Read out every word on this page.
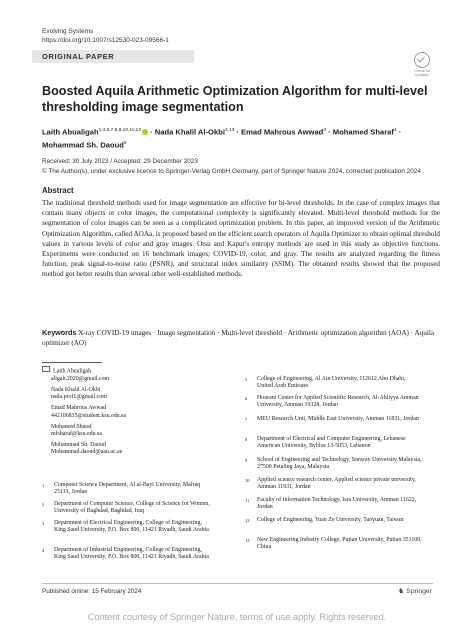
Evolving Systems
https://doi.org/10.1007/s12530-023-09566-1
ORIGINAL PAPER
Check for
updates
Boosted Aquila Arithmetic Optimization Algorithm for multi-level thresholding image segmentation
Laith Abualigah$^{1,4,6,7,8,9,10,11,12}$ · Nada Khalil Al-Okbi$^{2,13}$ · Emad Mahrous Awwad$^3$ · Mohamed Sharaf$^4$ ·
Mohammad Sh. Daoud$^5$
Received: 30 July 2023 / Accepted: 29 December 2023
© The Author(s), under exclusive licence to Springer-Verlag GmbH Germany, part of Springer Nature 2024, corrected publication 2024
Abstract
The traditional threshold methods used for image segmentation are effective for bi-level thresholds. In the case of complex images that contain many objects or color images, the computational complexity is significantly elevated. Multi-level threshold methods for the segmentation of color images can be seen as a complicated optimization problem. In this paper, an improved version of the Arithmetic Optimization Algorithm, called AOAa, is proposed based on the efficient search operators of Aquila Optimizer to obtain optimal threshold values in various levels of color and gray images. Otsu and Kapur's entropy methods are used in this study as objective functions. Experiments were conducted on 16 benchmark images; COVID-19, color, and gray. The results are analyzed regarding the fitness function, peak signal-to-noise ratio (PSNR), and structural index similarity (SSIM). The obtained results showed that the proposed method got better results than several other well-established methods.
Keywords X-ray COVID-19 images · Image segmentation · Multi-level threshold · Arithmetic optimization algorithm (AOA) · Aquila optimizer (AO)
Laith Abualigah
aligah.2020@gmail.com
Nada Khalil Al-Okbi
nada.prof1@gmail.com
Emad Mahrous Awwad
442106835@student.ksu.edu.sa
Mohamed Sharaf
mfsharaf@ksu.edu.sa
Mohammad Sh. Daoud
Mohammad.daoud@aau.ac.ae
1 Computer Science Department, Al al-Bayt University, Mafraq 25113, Jordan
2 Department of Computer Science, College of Science for Women, University of Baghdad, Baghdad, Iraq
3 Department of Electrical Engineering, College of Engineering, King Saud University, P.O. Box 800, 11421 Riyadh, Saudi Arabia
4 Department of Industrial Engineering, College of Engineering, King Saud University, P.O. Box 800, 11421 Riyadh, Saudi Arabia
5 College of Engineering, Al Ain University, 112612 Abu Dhabi, United Arab Emirates
6 Hourani Center for Applied Scientific Research, Al-Ahliyya Amman University, Amman 19328, Jordan
7 MEU Research Unit, Middle East University, Amman 11831, Jordan
8 Department of Electrical and Computer Engineering, Lebanese American University, Byblos 13-5053, Lebanon
9 School of Engineering and Technology, Sunway University Malaysia, 27500 Petaling Jaya, Malaysia
10 Applied science research center, Applied science private university, Amman 11931, Jordan
11 Faculty of Information Technology, Isra University, Amman 11622, Jordan
12 College of Engineering, Yuan Ze University, Taoyuan, Taiwan
13 New Engineering Industry College, Putian University, Putian 351100, China
Published online: 15 February 2024	♞ Springer
Content courtesy of Springer Nature, terms of use apply. Rights reserved.
